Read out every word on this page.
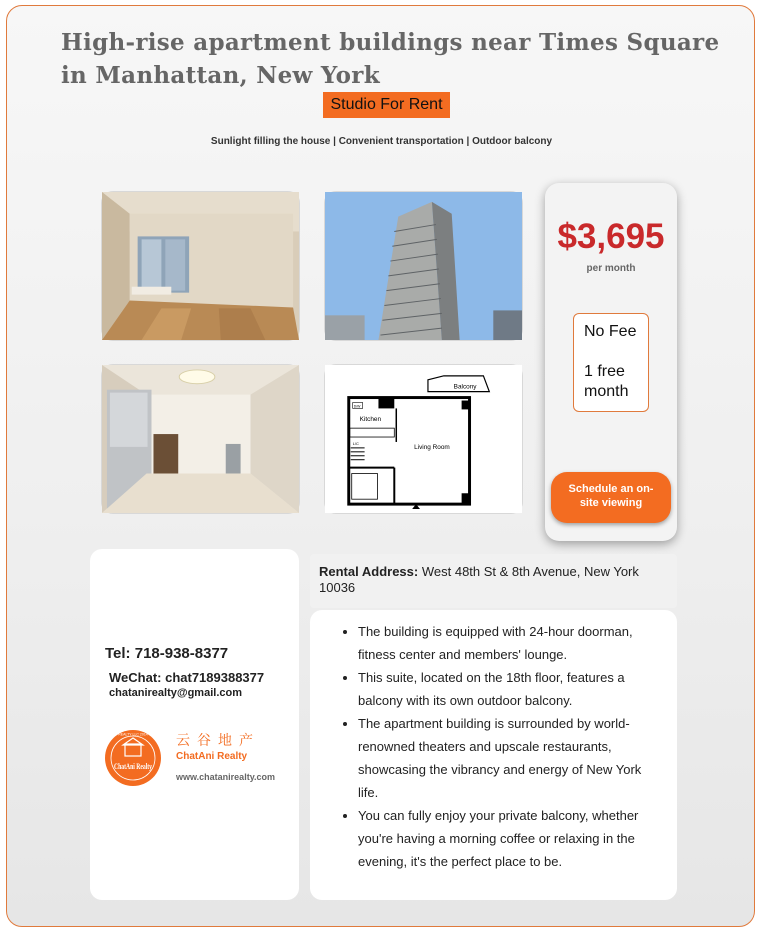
High-rise apartment buildings near Times Square in Manhattan, New York
Studio For Rent
Sunlight filling the house | Convenient transportation | Outdoor balcony
Balcony
D/W
Kitchen
L/C
Living Room
$3,695
per month
No Fee
1 free month
Schedule an on-site viewing
Tel: 718-938-8377
WeChat: chat7189388377
chatanirealty@gmail.com
ChatAni Realty
REALTY LLC 2014 云谷地产
ChatAni Realty
www.chatanirealty.com
Rental Address: West 48th St & 8th Avenue, New York 10036
• The building is equipped with 24-hour doorman, fitness center and members' lounge.
• This suite, located on the 18th floor, features a balcony with its own outdoor balcony.
• The apartment building is surrounded by world-renowned theaters and upscale restaurants, showcasing the vibrancy and energy of New York life.
• You can fully enjoy your private balcony, whether you're having a morning coffee or relaxing in the evening, it's the perfect place to be.
